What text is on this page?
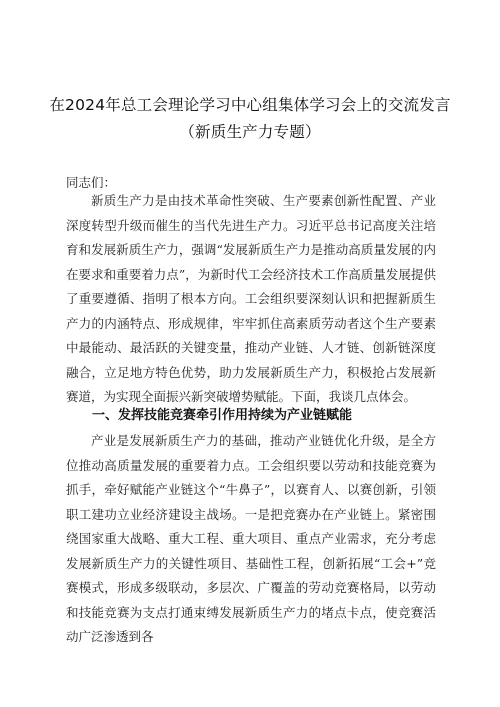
在2024年总工会理论学习中心组集体学习会上的交流发言
（新质生产力专题）
同志们：
新质生产力是由技术革命性突破、生产要素创新性配置、产业深度转型升级而催生的当代先进生产力。习近平总书记高度关注培育和发展新质生产力，强调“发展新质生产力是推动高质量发展的内在要求和重要着力点”，为新时代工会经济技术工作高质量发展提供了重要遵循、指明了根本方向。工会组织要深刻认识和把握新质生产力的内涵特点、形成规律，牢牢抓住高素质劳动者这个生产要素中最能动、最活跃的关键变量，推动产业链、人才链、创新链深度融合，立足地方特色优势，助力发展新质生产力，积极抢占发展新赛道，为实现全面振兴新突破增势赋能。下面，我谈几点体会。
一、发挥技能竞赛牵引作用持续为产业链赋能
产业是发展新质生产力的基础，推动产业链优化升级，是全方位推动高质量发展的重要着力点。工会组织要以劳动和技能竞赛为抓手，牵好赋能产业链这个“牛鼻子”，以赛育人、以赛创新，引领职工建功立业经济建设主战场。一是把竞赛办在产业链上。紧密围绕国家重大战略、重大工程、重大项目、重点产业需求，充分考虑发展新质生产力的关键性项目、基础性工程，创新拓展“工会+”竞赛模式，形成多级联动，多层次、广覆盖的劳动竞赛格局，以劳动和技能竞赛为支点打通束缚发展新质生产力的堵点卡点，使竞赛活动广泛渗透到各
